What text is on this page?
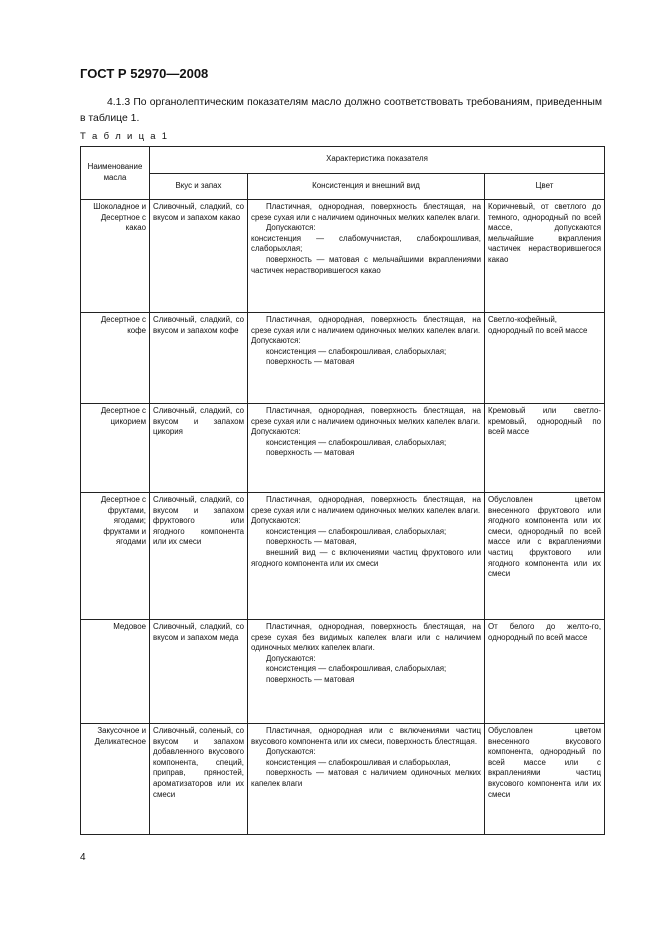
ГОСТ Р 52970—2008
4.1.3 По органолептическим показателям масло должно соответствовать требованиям, приведенным в таблице 1.
Т а б л и ц а 1
Наименование масла	Характеристика показателя		
	Вкус и запах	Консистенция и внешний вид	Цвет
Шоколадное и Десертное с какао	Сливочный, сладкий, со вкусом и запахом какао	Пластичная, однородная, поверхность блестящая, на срезе сухая или с наличием одиночных мелких капелек влаги.
Допускаются:
консистенция — слабомучнистая, слабокрошливая, слаборыхлая;
поверхность — матовая с мельчайшими вкраплениями частичек нерастворившегося какао	Коричневый, от светлого до темного, однородный по всей массе, допускаются мельчайшие вкрапления частичек нерастворившегося какао
Десертное с кофе	Сливочный, сладкий, со вкусом и запахом кофе	Пластичная, однородная, поверхность блестящая, на срезе сухая или с наличием одиночных мелких капелек влаги.
Допускаются:
консистенция — слабокрошливая, слаборыхлая;
поверхность — матовая	Светло-кофейный, однородный по всей массе
Десертное с цикорием	Сливочный, сладкий, со вкусом и запахом цикория	Пластичная, однородная, поверхность блестящая, на срезе сухая или с наличием одиночных мелких капелек влаги.
Допускаются:
консистенция — слабокрошливая, слаборыхлая;
поверхность — матовая	Кремовый или светло-кремовый, однородный по всей массе
Десертное с фруктами, ягодами; фруктами и ягодами	Сливочный, сладкий, со вкусом и запахом фруктового или ягодного компонента или их смеси	Пластичная, однородная, поверхность блестящая, на срезе сухая или с наличием одиночных мелких капелек влаги.
Допускаются:
консистенция — слабокрошливая, слаборыхлая;
поверхность — матовая,
внешний вид — с включениями частиц фруктового или ягодного компонента или их смеси	Обусловлен цветом внесенного фруктового или ягодного компонента или их смеси, однородный по всей массе или с вкраплениями частиц фруктового или ягодного компонента или их смеси
Медовое	Сливочный, сладкий, со вкусом и запахом меда	Пластичная, однородная, поверхность блестящая, на срезе сухая без видимых капелек влаги или с наличием одиночных мелких капелек влаги.
Допускаются:
консистенция — слабокрошливая, слаборыхлая;
поверхность — матовая	От белого до желто-го, однородный по всей массе
Закусочное и Деликатесное	Сливочный, соленый, со вкусом и запахом добавленного вкусового компонента, специй, приправ, пряностей, ароматизаторов или их смеси	Пластичная, однородная или с включениями частиц вкусового компонента или их смеси, поверхность блестящая.
Допускаются:
консистенция — слабокрошливая и слаборыхлая,
поверхность — матовая с наличием одиночных мелких капелек влаги	Обусловлен цветом внесенного вкусового компонента, однородный по всей массе или с вкраплениями частиц вкусового компонента или их смеси
4
